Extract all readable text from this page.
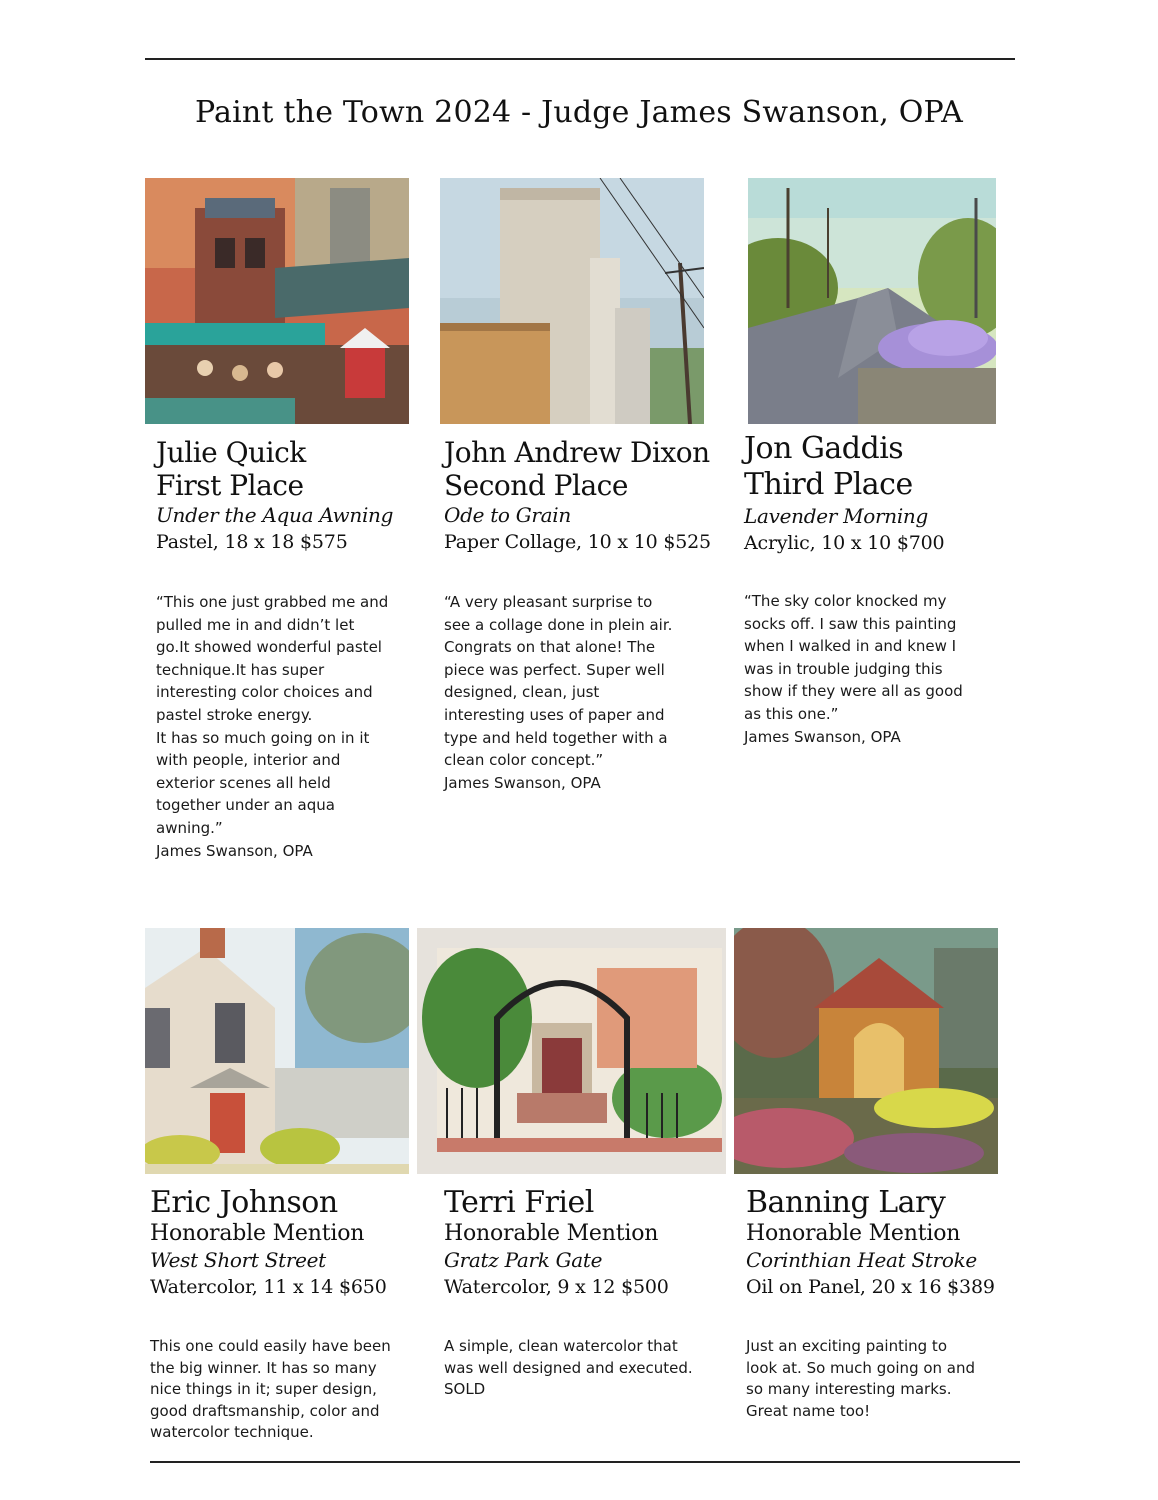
Paint the Town 2024 - Judge James Swanson, OPA

Julie Quick

First Place

Under the Aqua Awning

Pastel, 18 x 18 $575

“This one just grabbed me and
pulled me in and didn’t let
go.It showed wonderful pastel
technique.It has super
interesting color choices and
pastel stroke energy.
It has so much going on in it
with people, interior and
exterior scenes all held
together under an aqua
awning.”
James Swanson, OPA

John Andrew Dixon

Second Place

Ode to Grain

Paper Collage, 10 x 10 $525

“A very pleasant surprise to
see a collage done in plein air.
Congrats on that alone! The
piece was perfect. Super well
designed, clean, just
interesting uses of paper and
type and held together with a
clean color concept.”
James Swanson, OPA

Jon Gaddis

Third Place

Lavender Morning

Acrylic, 10 x 10 $700

“The sky color knocked my
socks off. I saw this painting
when I walked in and knew I
was in trouble judging this
show if they were all as good
as this one.”
James Swanson, OPA

Eric Johnson

Honorable Mention

West Short Street

Watercolor, 11 x 14 $650

This one could easily have been
the big winner. It has so many
nice things in it; super design,
good draftsmanship, color and
watercolor technique.

Terri Friel

Honorable Mention

Gratz Park Gate

Watercolor, 9 x 12 $500

A simple, clean watercolor that
was well designed and executed.
SOLD

Banning Lary

Honorable Mention

Corinthian Heat Stroke

Oil on Panel, 20 x 16 $389

Just an exciting painting to
look at. So much going on and
so many interesting marks.
Great name too!
